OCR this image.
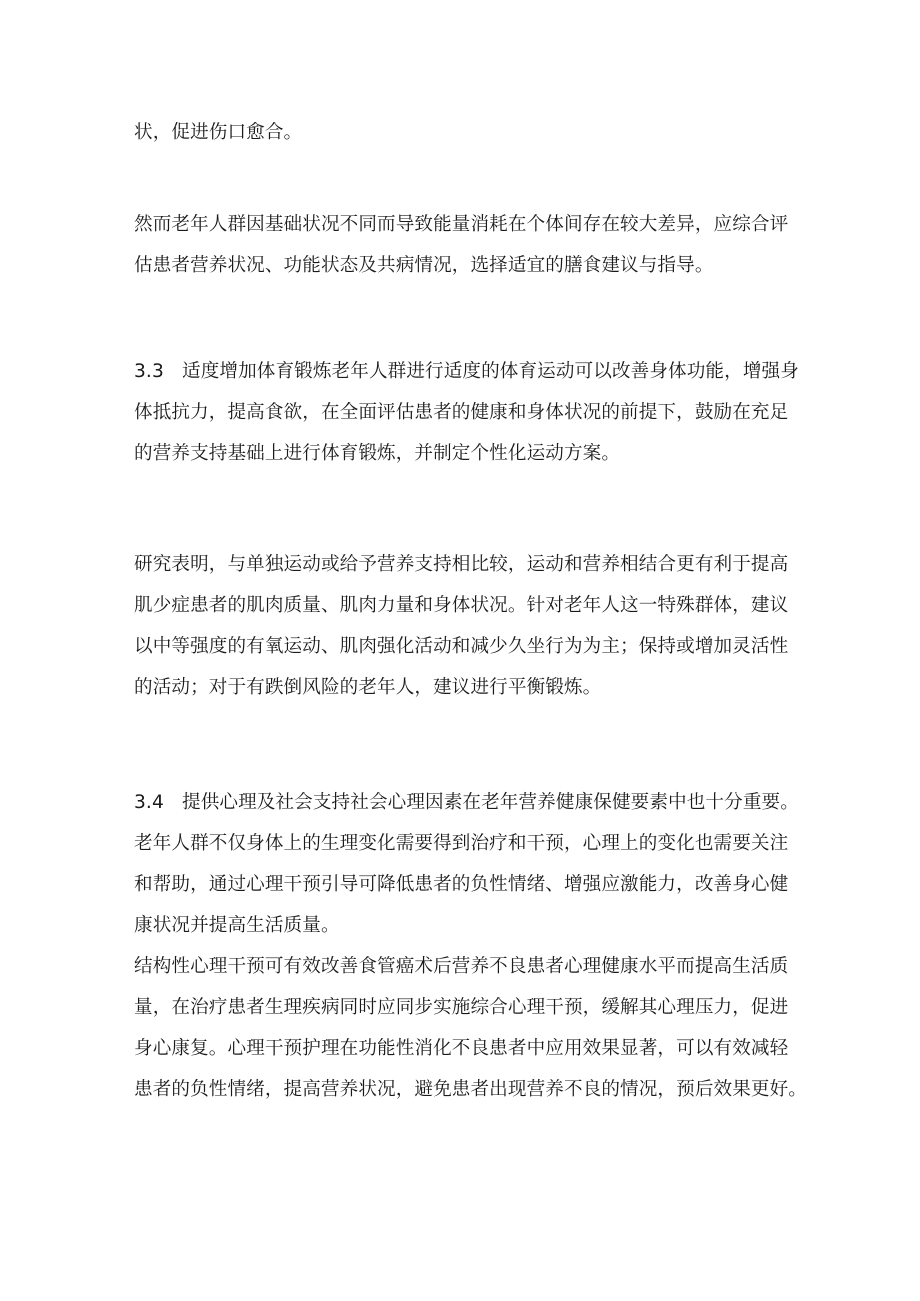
状，促进伤口愈合。
然而老年人群因基础状况不同而导致能量消耗在个体间存在较大差异，应综合评
估患者营养状况、功能状态及共病情况，选择适宜的膳食建议与指导。
3.3 适度增加体育锻炼老年人群进行适度的体育运动可以改善身体功能，增强身
体抵抗力，提高食欲，在全面评估患者的健康和身体状况的前提下，鼓励在充足
的营养支持基础上进行体育锻炼，并制定个性化运动方案。
研究表明，与单独运动或给予营养支持相比较，运动和营养相结合更有利于提高
肌少症患者的肌肉质量、肌肉力量和身体状况。针对老年人这一特殊群体，建议
以中等强度的有氧运动、肌肉强化活动和减少久坐行为为主；保持或增加灵活性
的活动；对于有跌倒风险的老年人，建议进行平衡锻炼。
3.4 提供心理及社会支持社会心理因素在老年营养健康保健要素中也十分重要。
老年人群不仅身体上的生理变化需要得到治疗和干预，心理上的变化也需要关注
和帮助，通过心理干预引导可降低患者的负性情绪、增强应激能力，改善身心健
康状况并提高生活质量。
结构性心理干预可有效改善食管癌术后营养不良患者心理健康水平而提高生活质
量，在治疗患者生理疾病同时应同步实施综合心理干预，缓解其心理压力，促进
身心康复。心理干预护理在功能性消化不良患者中应用效果显著，可以有效减轻
患者的负性情绪，提高营养状况，避免患者出现营养不良的情况，预后效果更好。
